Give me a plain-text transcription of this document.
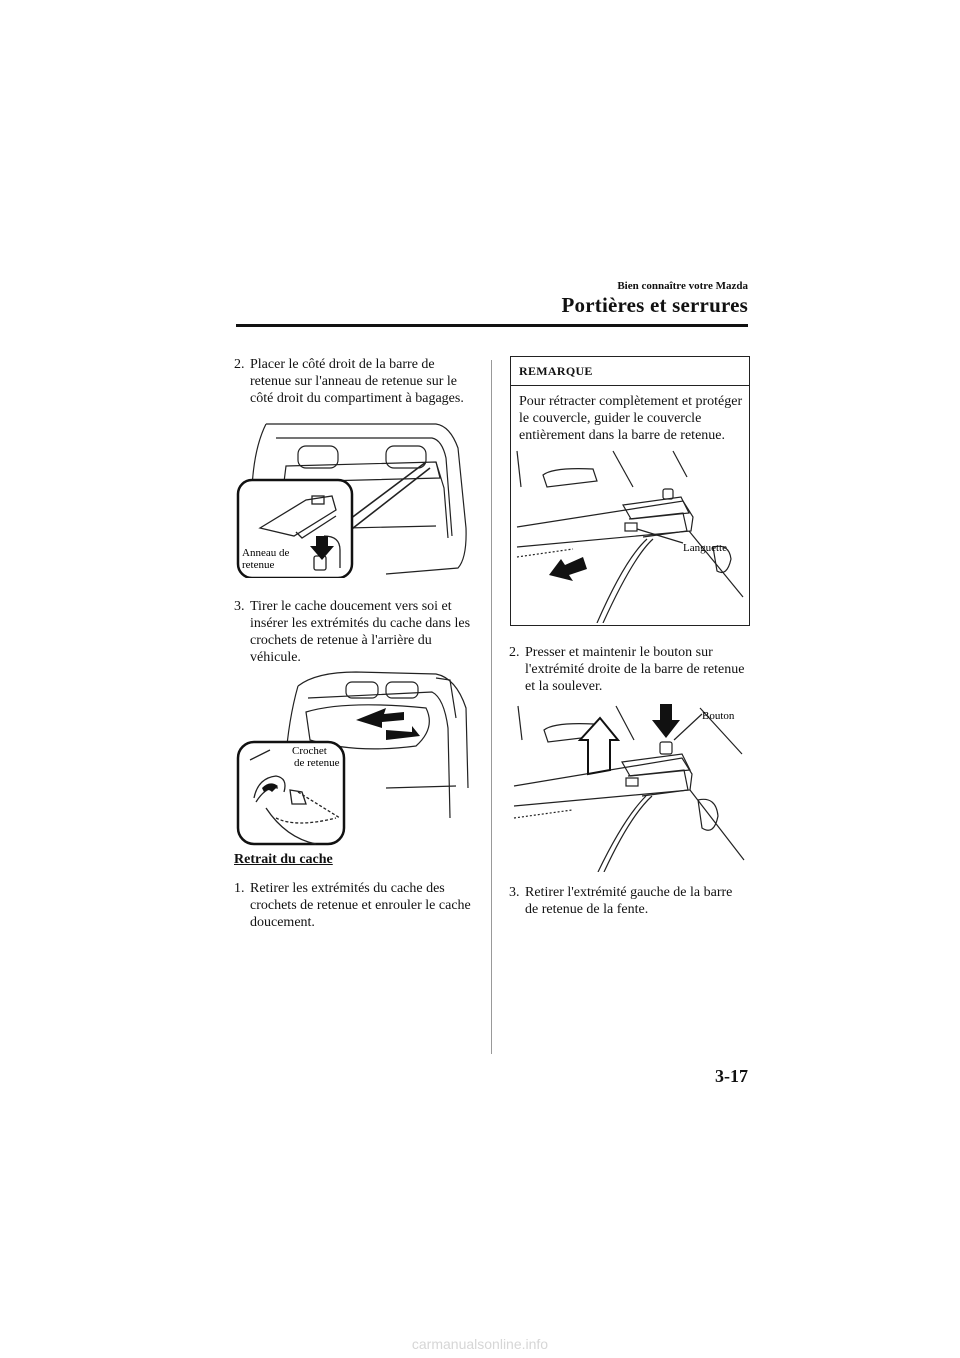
Bien connaître votre Mazda
Portières et serrures
2. Placer le côté droit de la barre de retenue sur l'anneau de retenue sur le côté droit du compartiment à bagages.
Anneau de retenue
3. Tirer le cache doucement vers soi et insérer les extrémités du cache dans les crochets de retenue à l'arrière du véhicule.
Crochet de retenue
Retrait du cache
1. Retirer les extrémités du cache des crochets de retenue et enrouler le cache doucement.
REMARQUE
Pour rétracter complètement et protéger le couvercle, guider le couvercle entièrement dans la barre de retenue.
Languette
2. Presser et maintenir le bouton sur l'extrémité droite de la barre de retenue et la soulever.
Bouton
3. Retirer l'extrémité gauche de la barre de retenue de la fente.
3-17
carmanualsonline.info
